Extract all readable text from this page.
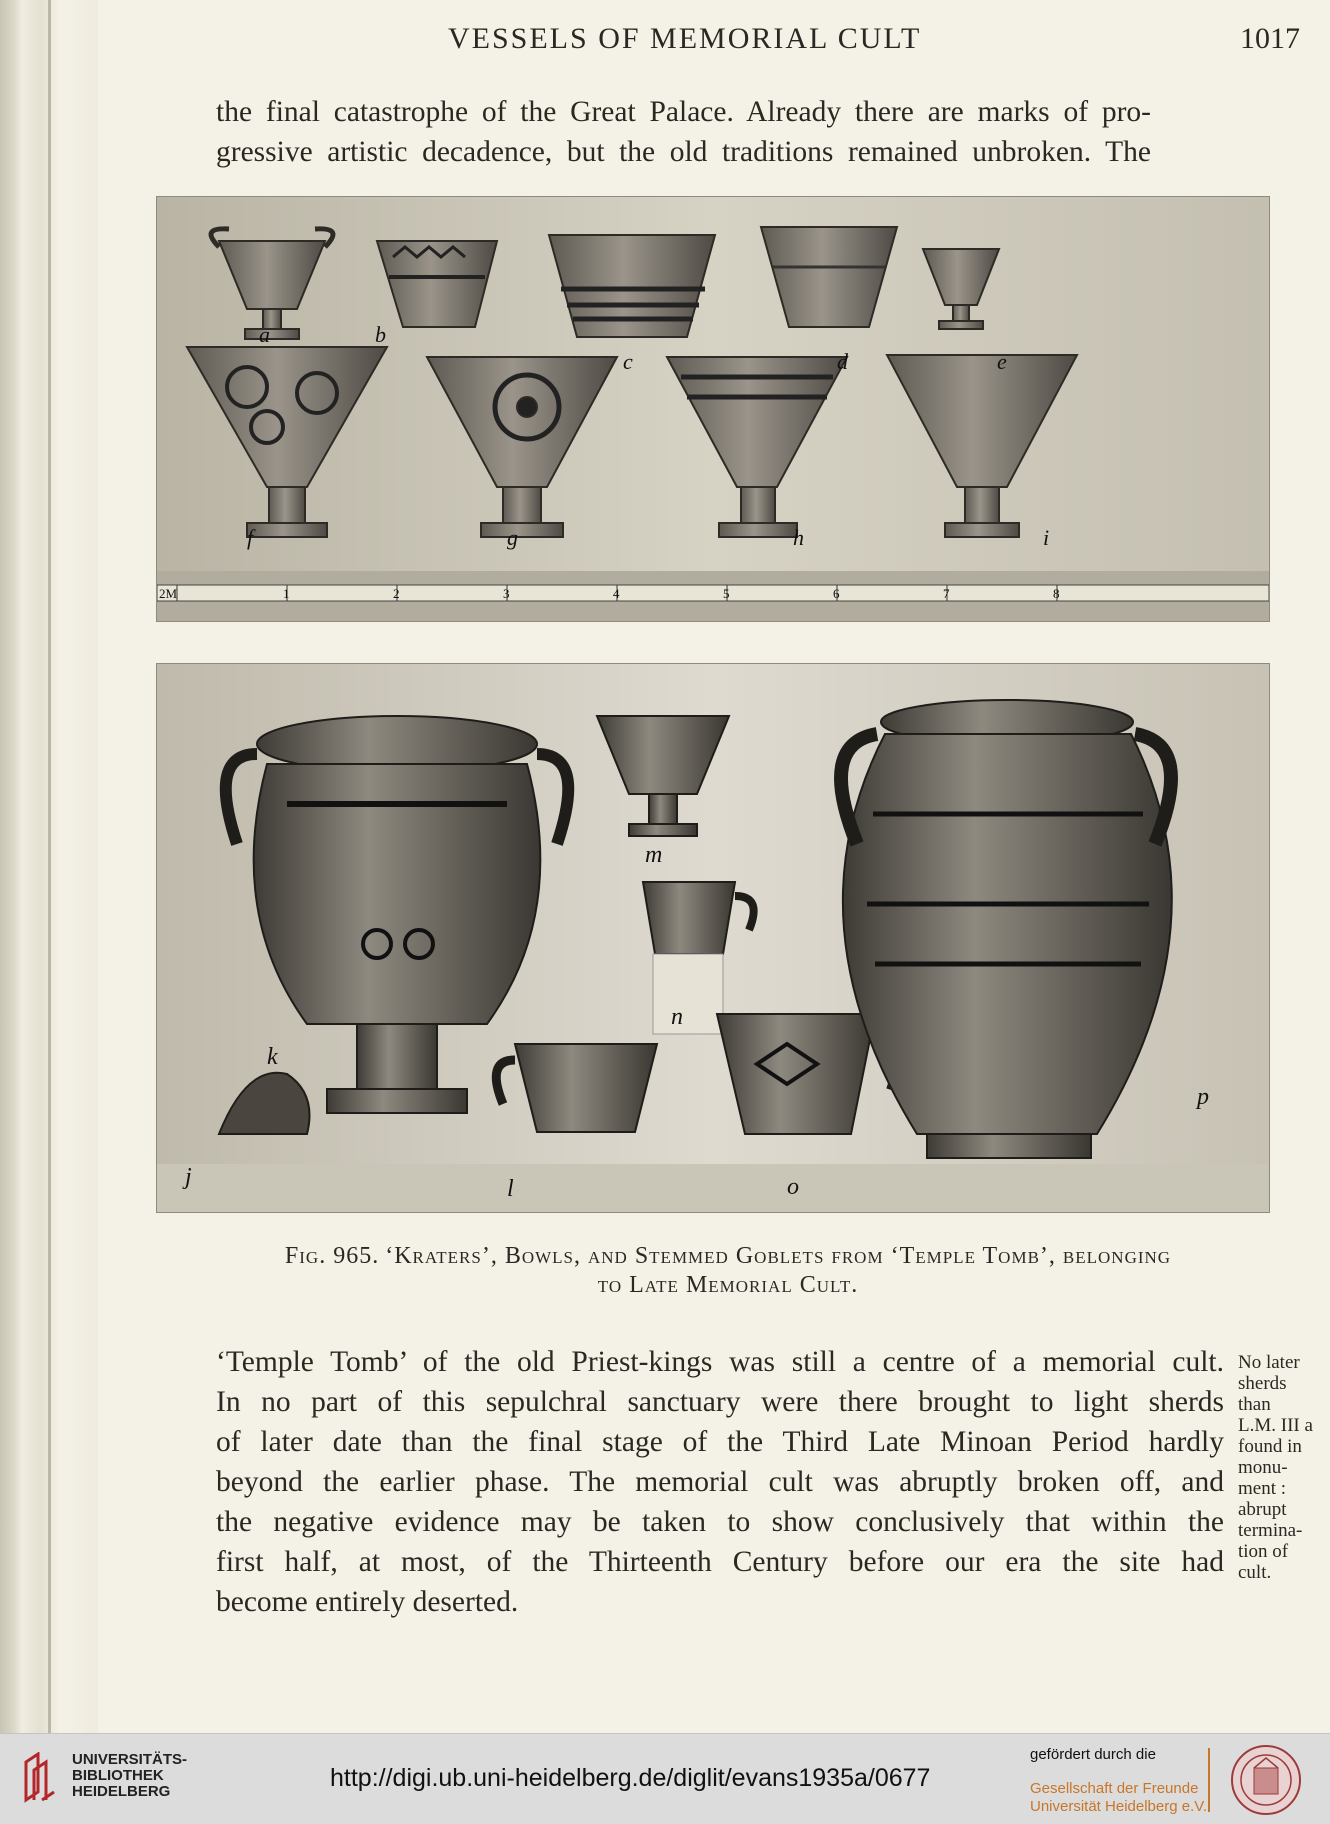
VESSELS OF MEMORIAL CULT	1017
the final catastrophe of the Great Palace. Already there are marks of pro-
gressive artistic decadence, but the old traditions remained unbroken. The
2M	1	2	3	4	5	6	7	8
a	b
c	d	e
f	g	h	i
m
n
k
j	l	o
p
Fig. 965. ‘Kraters’, Bowls, and Stemmed Goblets from ‘Temple Tomb’, belonging
to Late Memorial Cult.
‘Temple Tomb’ of the old Priest-kings was still a centre of a memorial cult.
In no part of this sepulchral sanctuary were there brought to light sherds
of later date than the final stage of the Third Late Minoan Period hardly
beyond the earlier phase. The memorial cult was abruptly broken off, and
the negative evidence may be taken to show conclusively that within the
first half, at most, of the Thirteenth Century before our era the site had
become entirely deserted.
No later
sherds
than
L.M. III a
found in
monu-
ment :
abrupt
termina-
tion of
cult.
UNIVERSITÄTS-
BIBLIOTHEK
HEIDELBERG	http://digi.ub.uni-heidelberg.de/diglit/evans1935a/0677
gefördert durch die
Gesellschaft der Freunde
Universität Heidelberg e.V.
